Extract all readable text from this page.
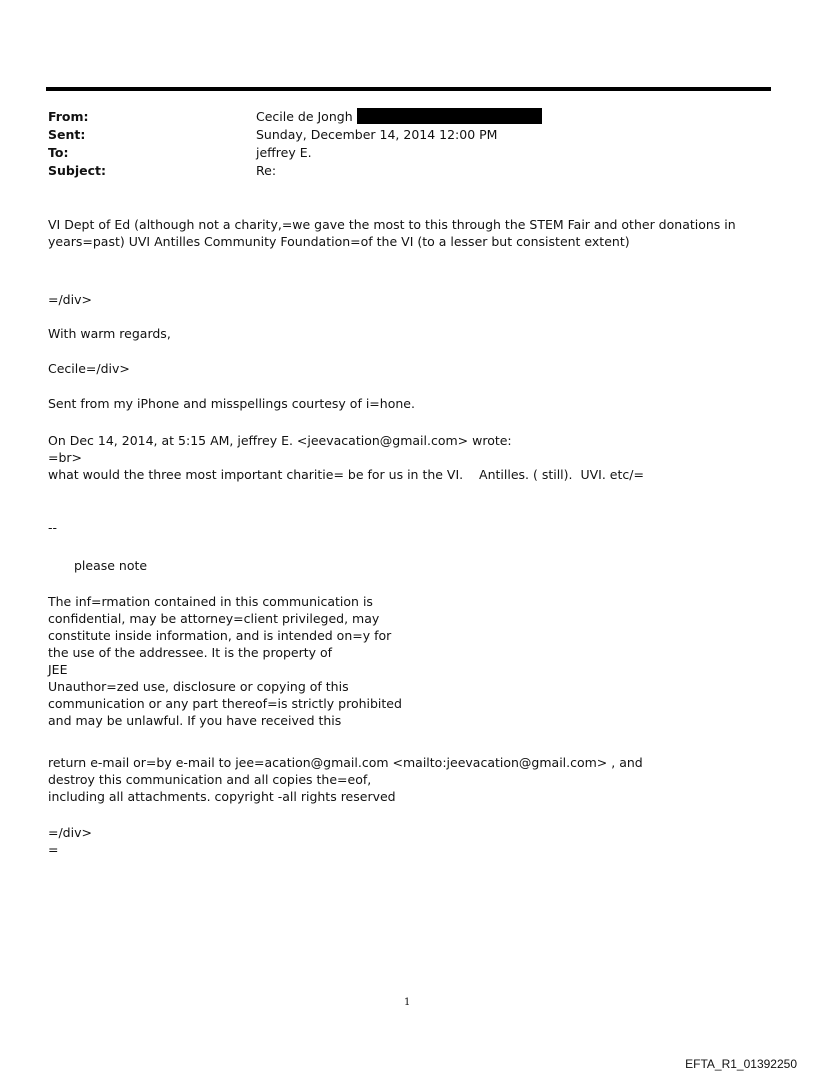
From:	Cecile de Jongh
Sent:	Sunday, December 14, 2014 12:00 PM
To:	jeffrey E.
Subject:	Re:

VI Dept of Ed (although not a charity,=we gave the most to this through the STEM Fair and other donations in

years=past) UVI Antilles Community Foundation=of the VI (to a lesser but consistent extent)

=/div>

With warm regards,

Cecile=/div>

Sent from my iPhone and misspellings courtesy of i=hone.

On Dec 14, 2014, at 5:15 AM, jeffrey E. <jeevacation@gmail.com> wrote:

=br>

what would the three most important charitie= be for us in the VI.    Antilles. ( still).  UVI. etc/=

--

please note

The inf=rmation contained in this communication is

confidential, may be attorney=client privileged, may

constitute inside information, and is intended on=y for

the use of the addressee. It is the property of

JEE

Unauthor=zed use, disclosure or copying of this

communication or any part thereof=is strictly prohibited

and may be unlawful. If you have received this

return e-mail or=by e-mail to jee=acation@gmail.com <mailto:jeevacation@gmail.com> , and

destroy this communication and all copies the=eof,

including all attachments. copyright -all rights reserved

=/div>

=

1
EFTA_R1_01392250
